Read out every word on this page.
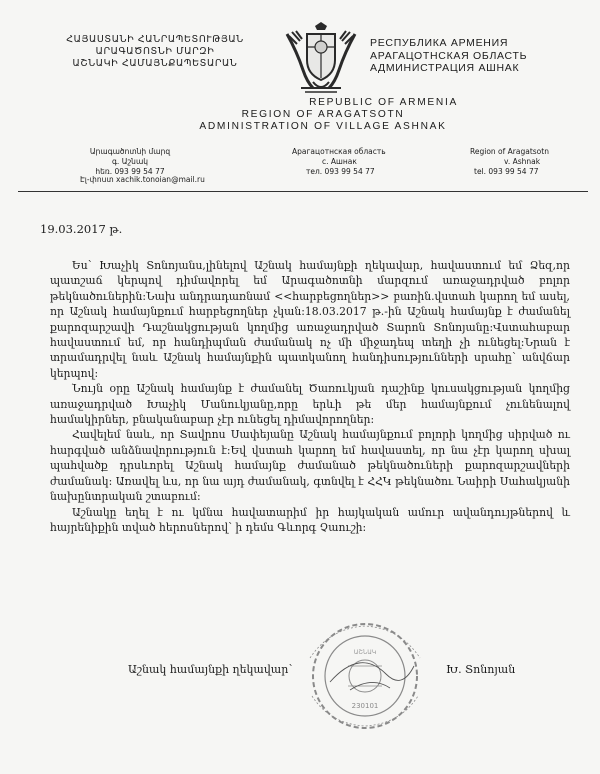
ՀԱՅԱՍՏԱՆԻ ՀԱՆՐԱՊԵՏՈՒԹՅԱՆ
ԱՐԱԳԱԾՈՏՆԻ ՄԱՐԶԻ
ԱՇՆԱԿԻ ՀԱՄԱՅՆՔԱՊԵՏԱՐԱՆ
РЕСПУБЛИКА АРМЕНИЯ
АРАГАЦОТНСКАЯ ОБЛАСТЬ
АДМИНИСТРАЦИЯ АШНАК
REPUBLIC OF ARMENIA
REGION OF ARAGATSOTN
ADMINISTRATION OF VILLAGE ASHNAK
Արագածոտնի մարզ
գ. Աշնակ
հեռ. 093 99 54 77
Арагацотнская область
с. Ашнак
тел. 093 99 54 77
Region of Aragatsotn
v. Ashnak
tel. 093 99 54 77
Էլ-փոստ xachik.tonoian@mail.ru
19.03.2017 թ.

Ես՝ Խաչիկ Տոնոյանս,լինելով Աշնակ համայնքի ղեկավար, հավաստում եմ Ձեզ,որ պատշաճ կերպով դիմավորել եմ Արագածոտնի մարզում առաջադրված բոլոր թեկնածուներին:Նախ անդրադառնամ <<հարբեցողներ>> բառին.վստահ կարող եմ ասել, որ Աշնակ համայնքում հարբեցողներ չկան:18.03.2017 թ.-ին Աշնակ համայնք է ժամանել քարոզարշավի Դաշնակցության կողմից առաջադրված Տարոն Տոնոյանը:Վստահաբար հավաստում եմ, որ հանդիպման ժամանակ ոչ մի միջադեպ տեղի չի ունեցել:Նրան է տրամադրվել նաև Աշնակ համայնքին պատկանող հանդիսությունների սրահը՝ անվճար կերպով:

Նույն օրը Աշնակ համայնք է ժամանել Ծառուկյան դաշինք կուսակցության կողմից առաջադրված Խաչիկ Մանուկյանը,որը երևի թե մեր համայնքում չունենալով համակիրներ, բնականաբար չէր ունեցել դիմավորողներ:

Հավելեմ նաև, որ Տավրոս Սափեյանը Աշնակ համայնքում բոլորի կողմից սիրված ու հարգված անձնավորություն է:Եվ վստահ կարող եմ հավաստել, որ նա չէր կարող սխալ պահվածք դրսևորել Աշնակ համայնք ժամանած թեկնածուների քարոզարշավների ժամանակ: Առավել ևս, որ նա այդ ժամանակ, գտնվել է ՀՀԿ թեկնածու Նաիրի Սահակյանի նախընտրական շտաբում:

Աշնակը եղել է ու կմնա հավատարիմ իր հայկական ամուր ավանդույթներով և հայրենիքին տված հերոսներով՝ ի դեմս Գևորգ Չաուշի:

ԱՇՆԱԿ
230101
Աշնակ համայնքի ղեկավար`	Խ. Տոնոյան
